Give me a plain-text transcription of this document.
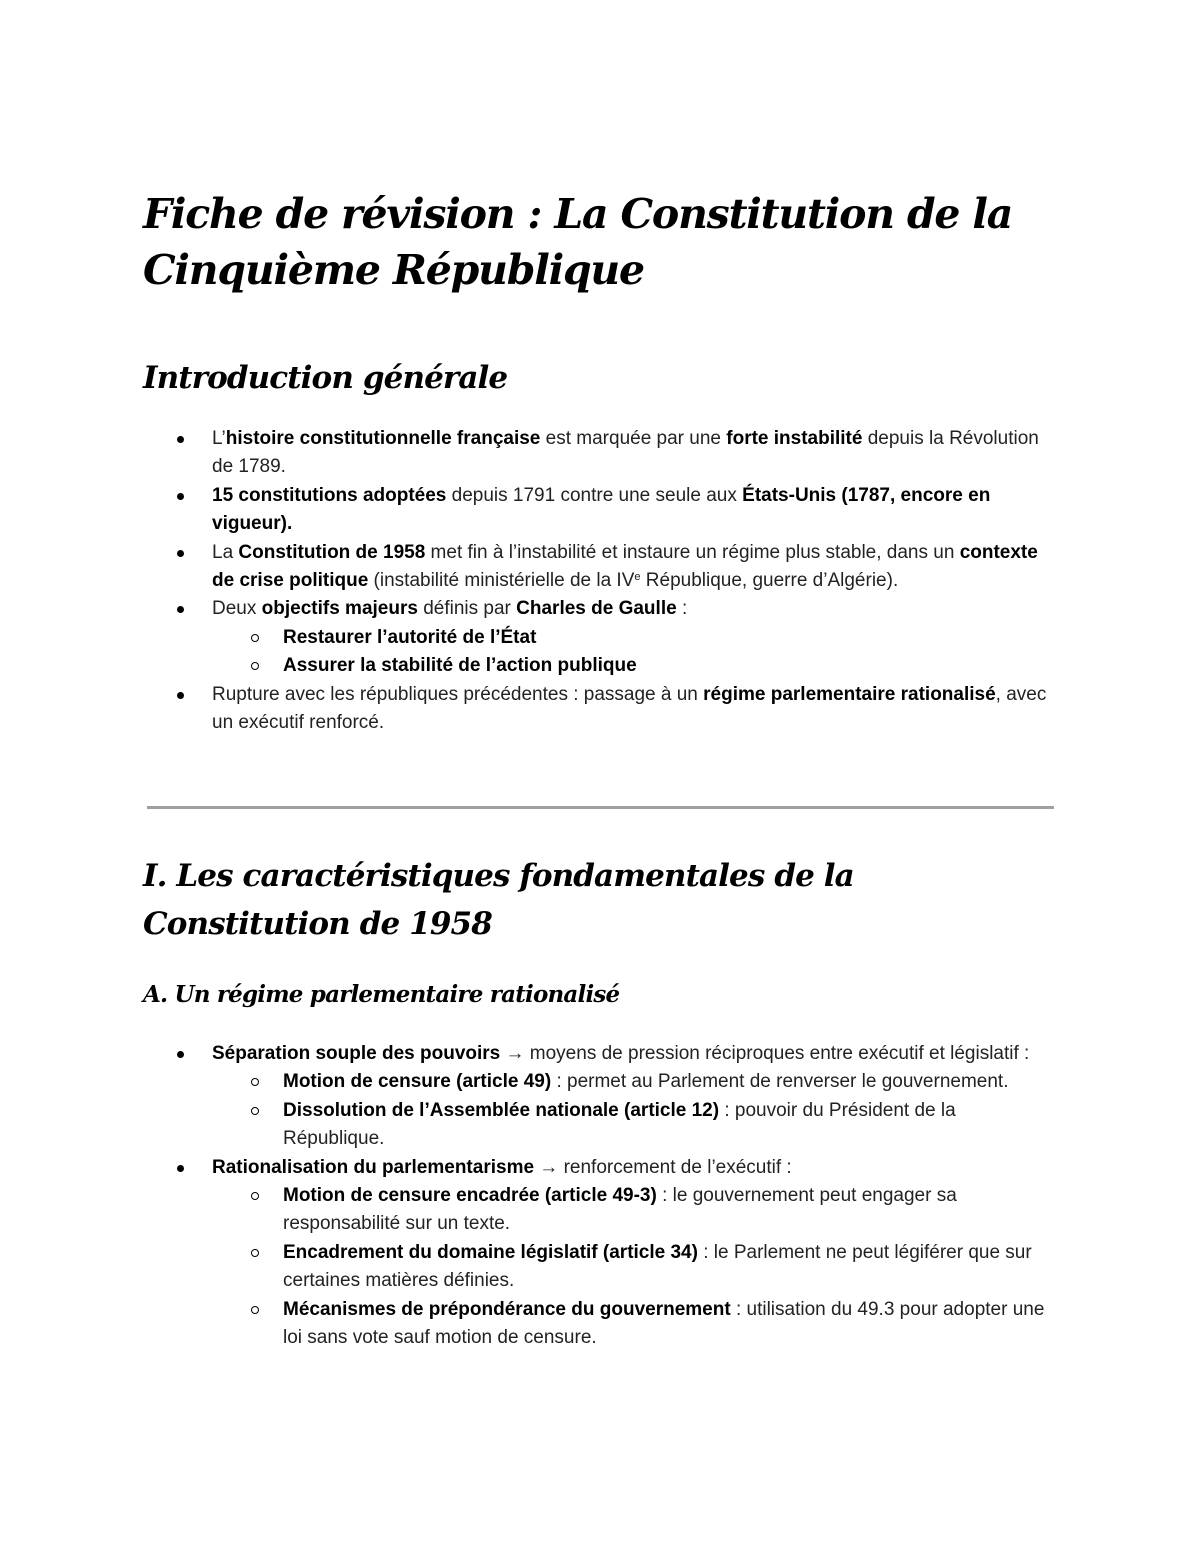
Fiche de révision : La Constitution de la Cinquième République
Introduction générale
L’histoire constitutionnelle française est marquée par une forte instabilité depuis la Révolution de 1789.
15 constitutions adoptées depuis 1791 contre une seule aux États-Unis (1787, encore en vigueur).
La Constitution de 1958 met fin à l’instabilité et instaure un régime plus stable, dans un contexte de crise politique (instabilité ministérielle de la IVe République, guerre d’Algérie).
Deux objectifs majeurs définis par Charles de Gaulle :
Restaurer l’autorité de l’État
Assurer la stabilité de l’action publique
Rupture avec les républiques précédentes : passage à un régime parlementaire rationalisé, avec un exécutif renforcé.
I. Les caractéristiques fondamentales de la Constitution de 1958
A. Un régime parlementaire rationalisé
Séparation souple des pouvoirs → moyens de pression réciproques entre exécutif et législatif :
Motion de censure (article 49) : permet au Parlement de renverser le gouvernement.
Dissolution de l’Assemblée nationale (article 12) : pouvoir du Président de la République.
Rationalisation du parlementarisme → renforcement de l’exécutif :
Motion de censure encadrée (article 49-3) : le gouvernement peut engager sa responsabilité sur un texte.
Encadrement du domaine législatif (article 34) : le Parlement ne peut légiférer que sur certaines matières définies.
Mécanismes de prépondérance du gouvernement : utilisation du 49.3 pour adopter une loi sans vote sauf motion de censure.
